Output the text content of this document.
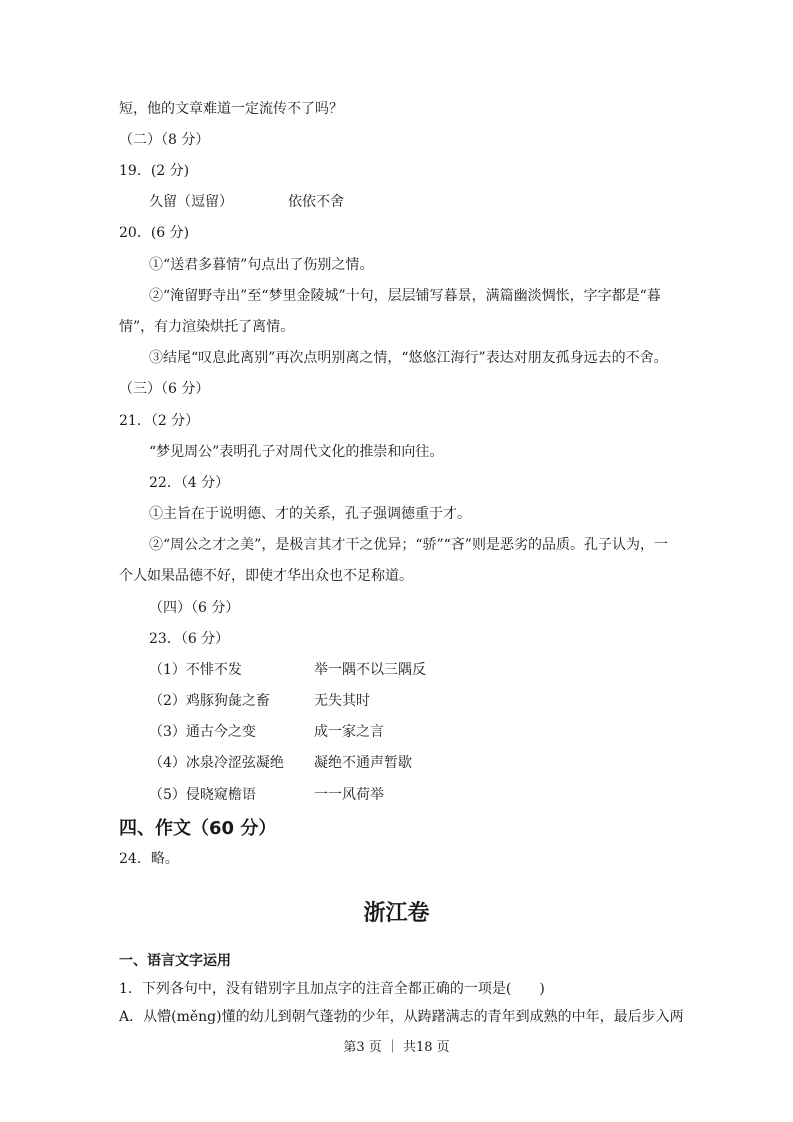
短，他的文章难道一定流传不了吗？
（二）（8 分）
19．(2 分)
久留（逗留）	依依不舍
20．(6 分)
①“送君多暮情”句点出了伤别之情。
②“淹留野寺出”至“梦里金陵城”十句，层层铺写暮景，满篇幽淡惆怅，字字都是“暮
情”，有力渲染烘托了离情。
③结尾“叹息此离别”再次点明别离之情，“悠悠江海行”表达对朋友孤身远去的不舍。
（三）（6 分）
21．（2 分）
“梦见周公”表明孔子对周代文化的推崇和向往。
22．（4 分）
①主旨在于说明德、才的关系，孔子强调德重于才。
②“周公之才之美”，是极言其才干之优异；“骄”“吝”则是恶劣的品质。孔子认为，一
个人如果品德不好，即使才华出众也不足称道。
（四）（6 分）
23．（6 分）
（1）不悱不发	举一隅不以三隅反
（2）鸡豚狗彘之畜	无失其时
（3）通古今之变	成一家之言
（4）冰泉冷涩弦凝绝 凝绝不通声暂歇
（5）侵晓窥檐语	一一风荷举
四、作文（60 分）
24．略。
浙江卷
一、语言文字运用
1．下列各句中，没有错别字且加点字的注音全都正确的一项是(　　)
A．从懵(měng)懂的幼儿到朝气蓬勃的少年，从踌躇满志的青年到成熟的中年，最后步入两
第3 页 ｜ 共18 页
